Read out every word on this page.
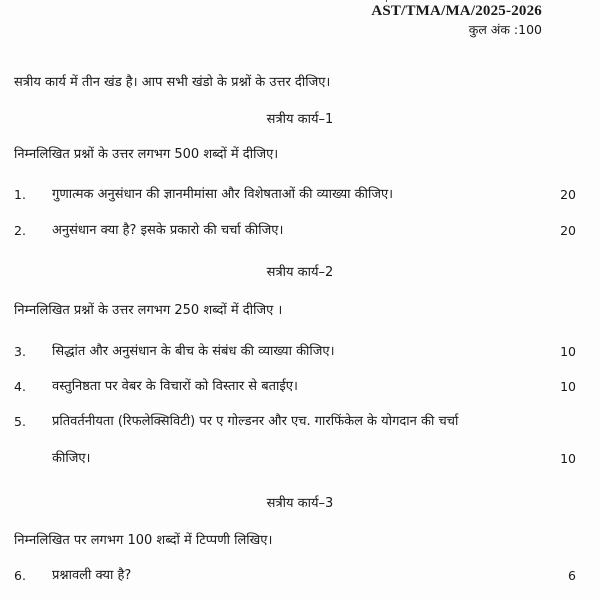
AST/TMA/MA/2025-2026
कुल अंक :100
सत्रीय कार्य में तीन खंड है। आप सभी खंडो के प्रश्नों के उत्तर दीजिए।
सत्रीय कार्य–1
निम्नलिखित प्रश्नों के उत्तर लगभग 500 शब्दों में दीजिए।
1. गुणात्मक अनुसंधान की ज्ञानमीमांसा और विशेषताओं की व्याख्या कीजिए।	20
2. अनुसंधान क्या है? इसके प्रकारो की चर्चा कीजिए।	20
सत्रीय कार्य–2
निम्नलिखित प्रश्नों के उत्तर लगभग 250 शब्दों में दीजिए ।
3. सिद्धांत और अनुसंधान के बीच के संबंध की व्याख्या कीजिए।	10
4. वस्तुनिष्ठता पर वेबर के विचारों को विस्तार से बताईए।	10
5. प्रतिवर्तनीयता (रिफलेक्सिविटी) पर ए गोल्डनर और एच. गारफिंकेल के योगदान की चर्चा
कीजिए।	10
सत्रीय कार्य–3
निम्नलिखित पर लगभग 100 शब्दों में टिप्पणी लिखिए।
6. प्रश्नावली क्या है?	6
